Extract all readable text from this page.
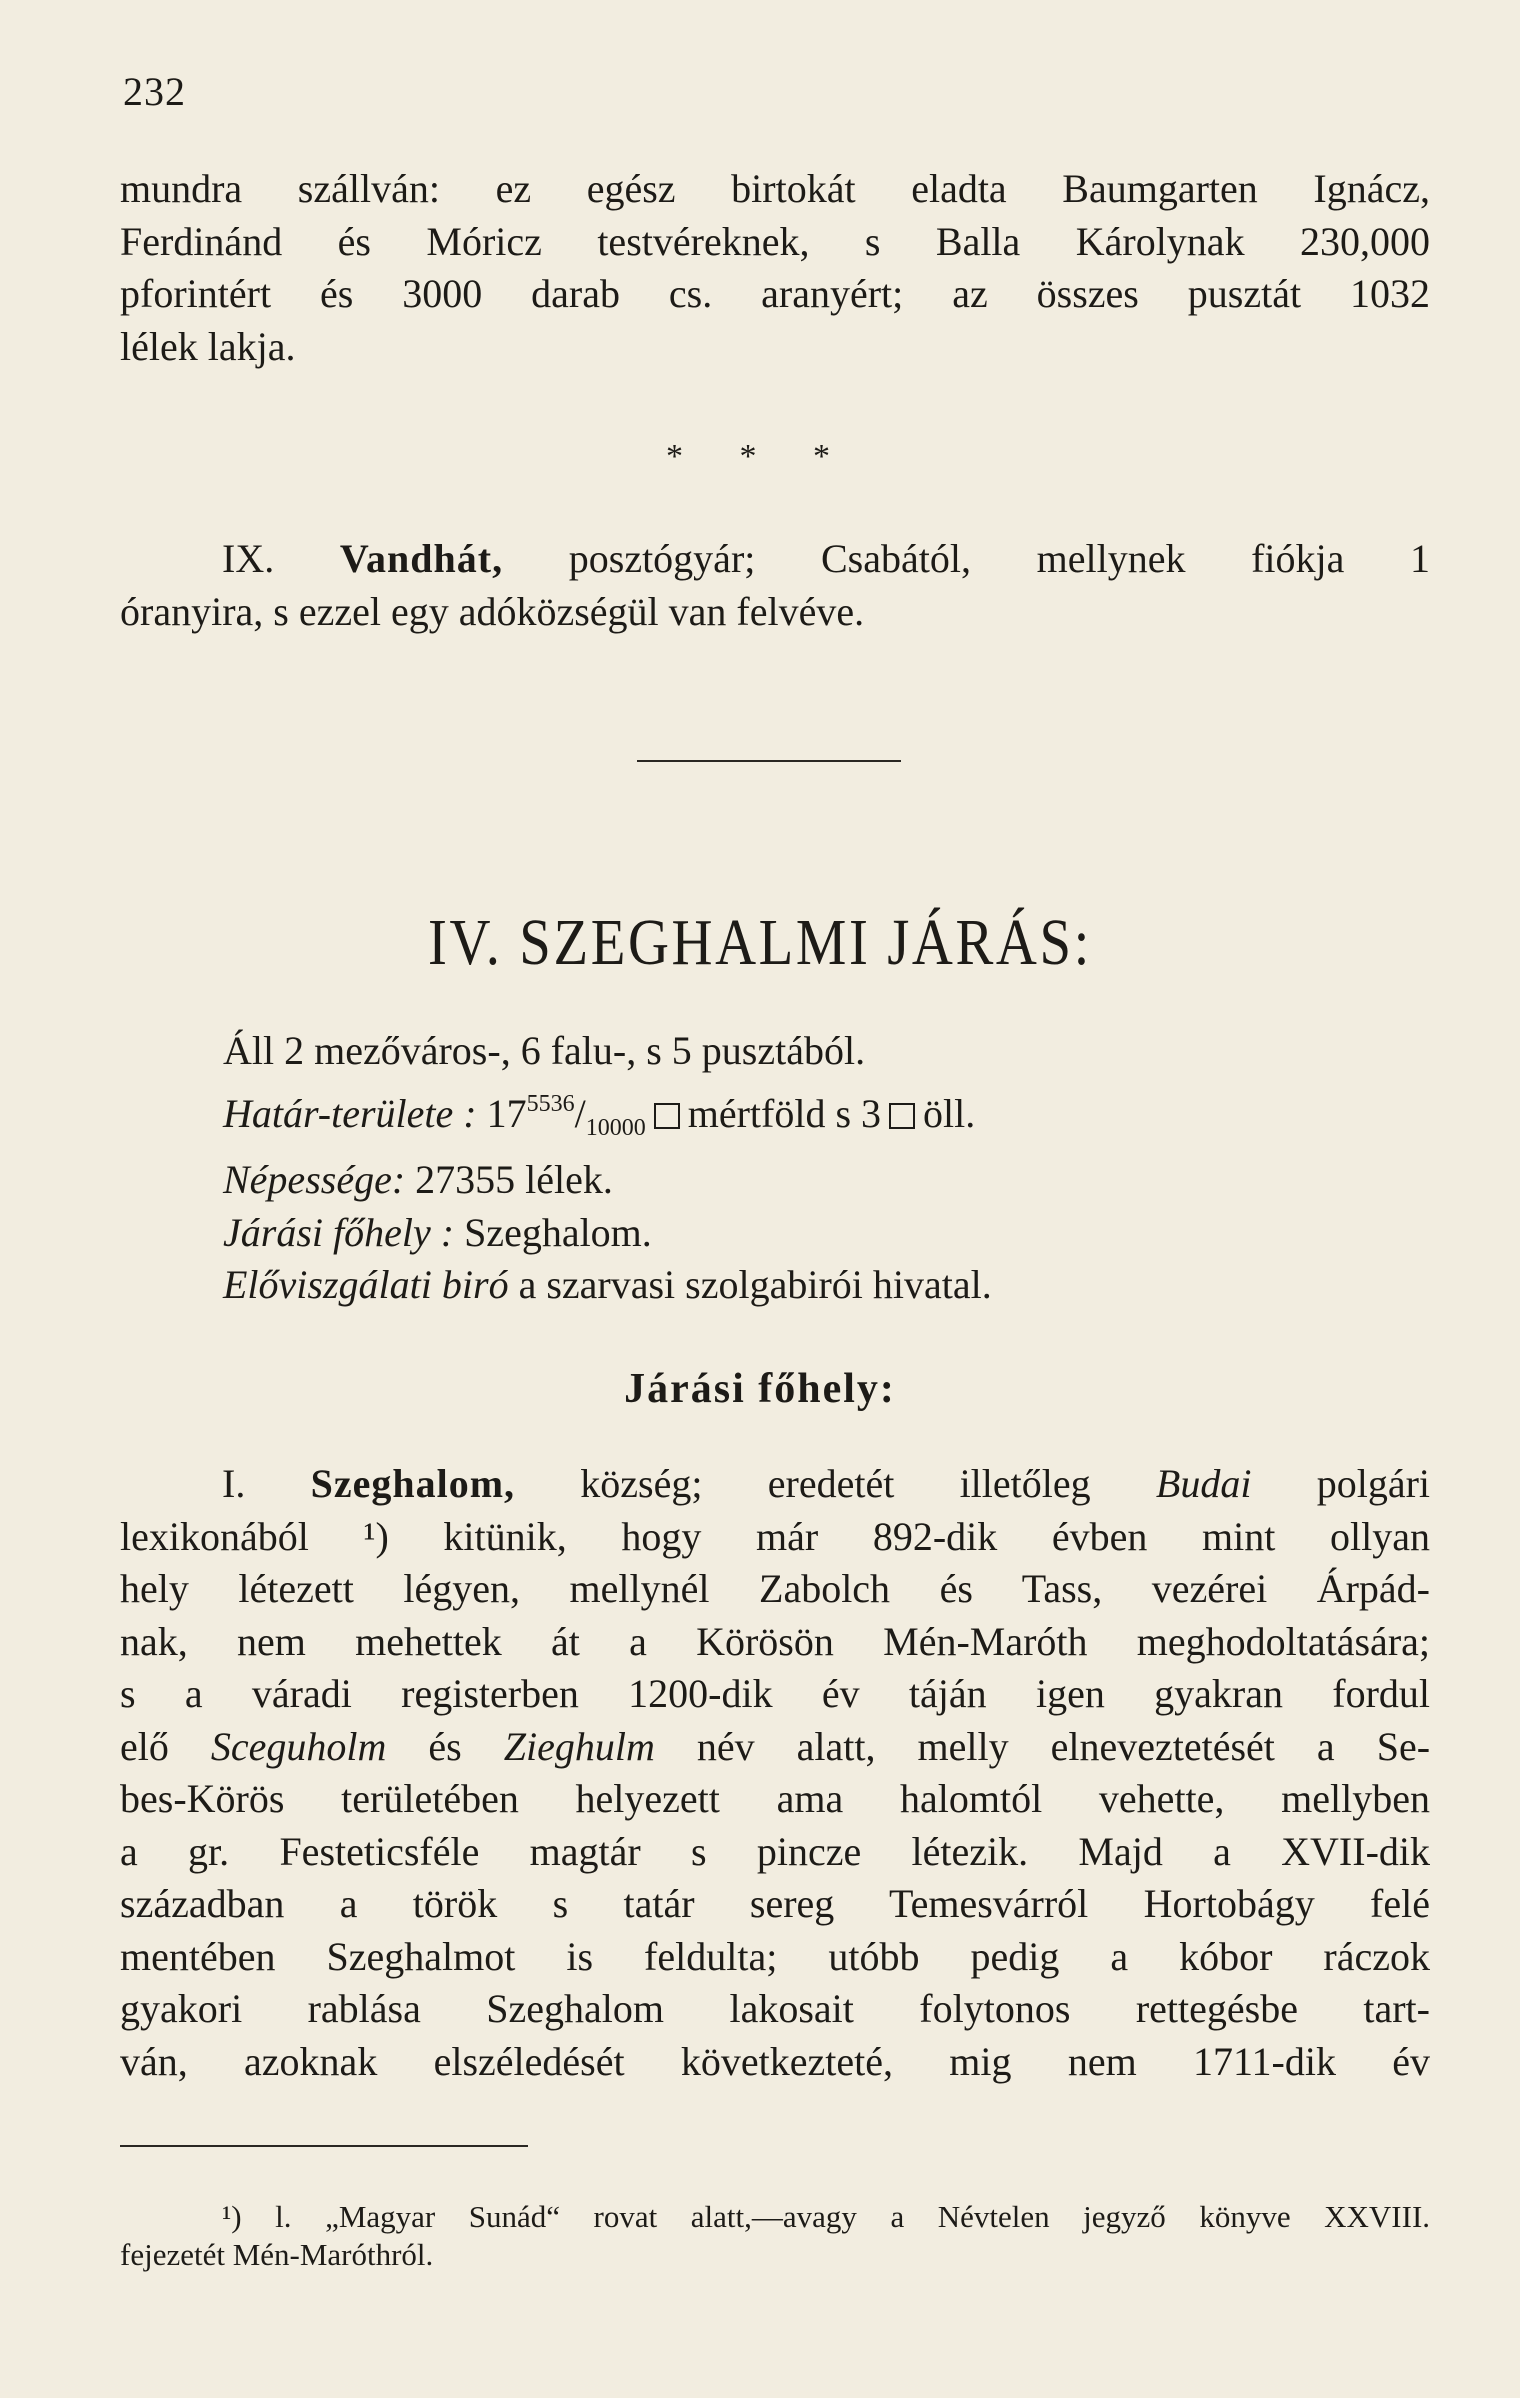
232
mundra szállván: ez egész birtokát eladta Baumgarten Ignácz,
Ferdinánd és Móricz testvéreknek, s Balla Károlynak 230,000
pforintért és 3000 darab cs. aranyért; az összes pusztát 1032
lélek lakja.
* * *
IX. Vandhát, posztógyár; Csabától, mellynek fiókja 1
óranyira, s ezzel egy adóközségül van felvéve.
IV. SZEGHALMI JÁRÁS:
Áll 2 mezőváros-, 6 falu-, s 5 pusztából.
Határ-területe : $17^{5536}/_{10000}$ mértföld s 3 öll.
Népessége: 27355 lélek.
Járási főhely : Szeghalom.
Előviszgálati biró a szarvasi szolgabirói hivatal.
Járási főhely:
I. Szeghalom, község; eredetét illetőleg Budai polgári
lexikonából ¹) kitünik, hogy már 892-dik évben mint ollyan
hely létezett légyen, mellynél Zabolch és Tass, vezérei Árpád-
nak, nem mehettek át a Körösön Mén-Maróth meghodoltatására;
s a váradi registerben 1200-dik év táján igen gyakran fordul
elő Sceguholm és Zieghulm név alatt, melly elneveztetését a Se-
bes-Körös területében helyezett ama halomtól vehette, mellyben
a gr. Festeticsféle magtár s pincze létezik. Majd a XVII-dik
században a török s tatár sereg Temesvárról Hortobágy felé
mentében Szeghalmot is feldulta; utóbb pedig a kóbor ráczok
gyakori rablása Szeghalom lakosait folytonos rettegésbe tart-
ván, azoknak elszéledését következteté, mig nem 1711-dik év
¹) l. „Magyar Sunád“ rovat alatt,—avagy a Névtelen jegyző könyve XXVIII.
fejezetét Mén-Maróthról.
